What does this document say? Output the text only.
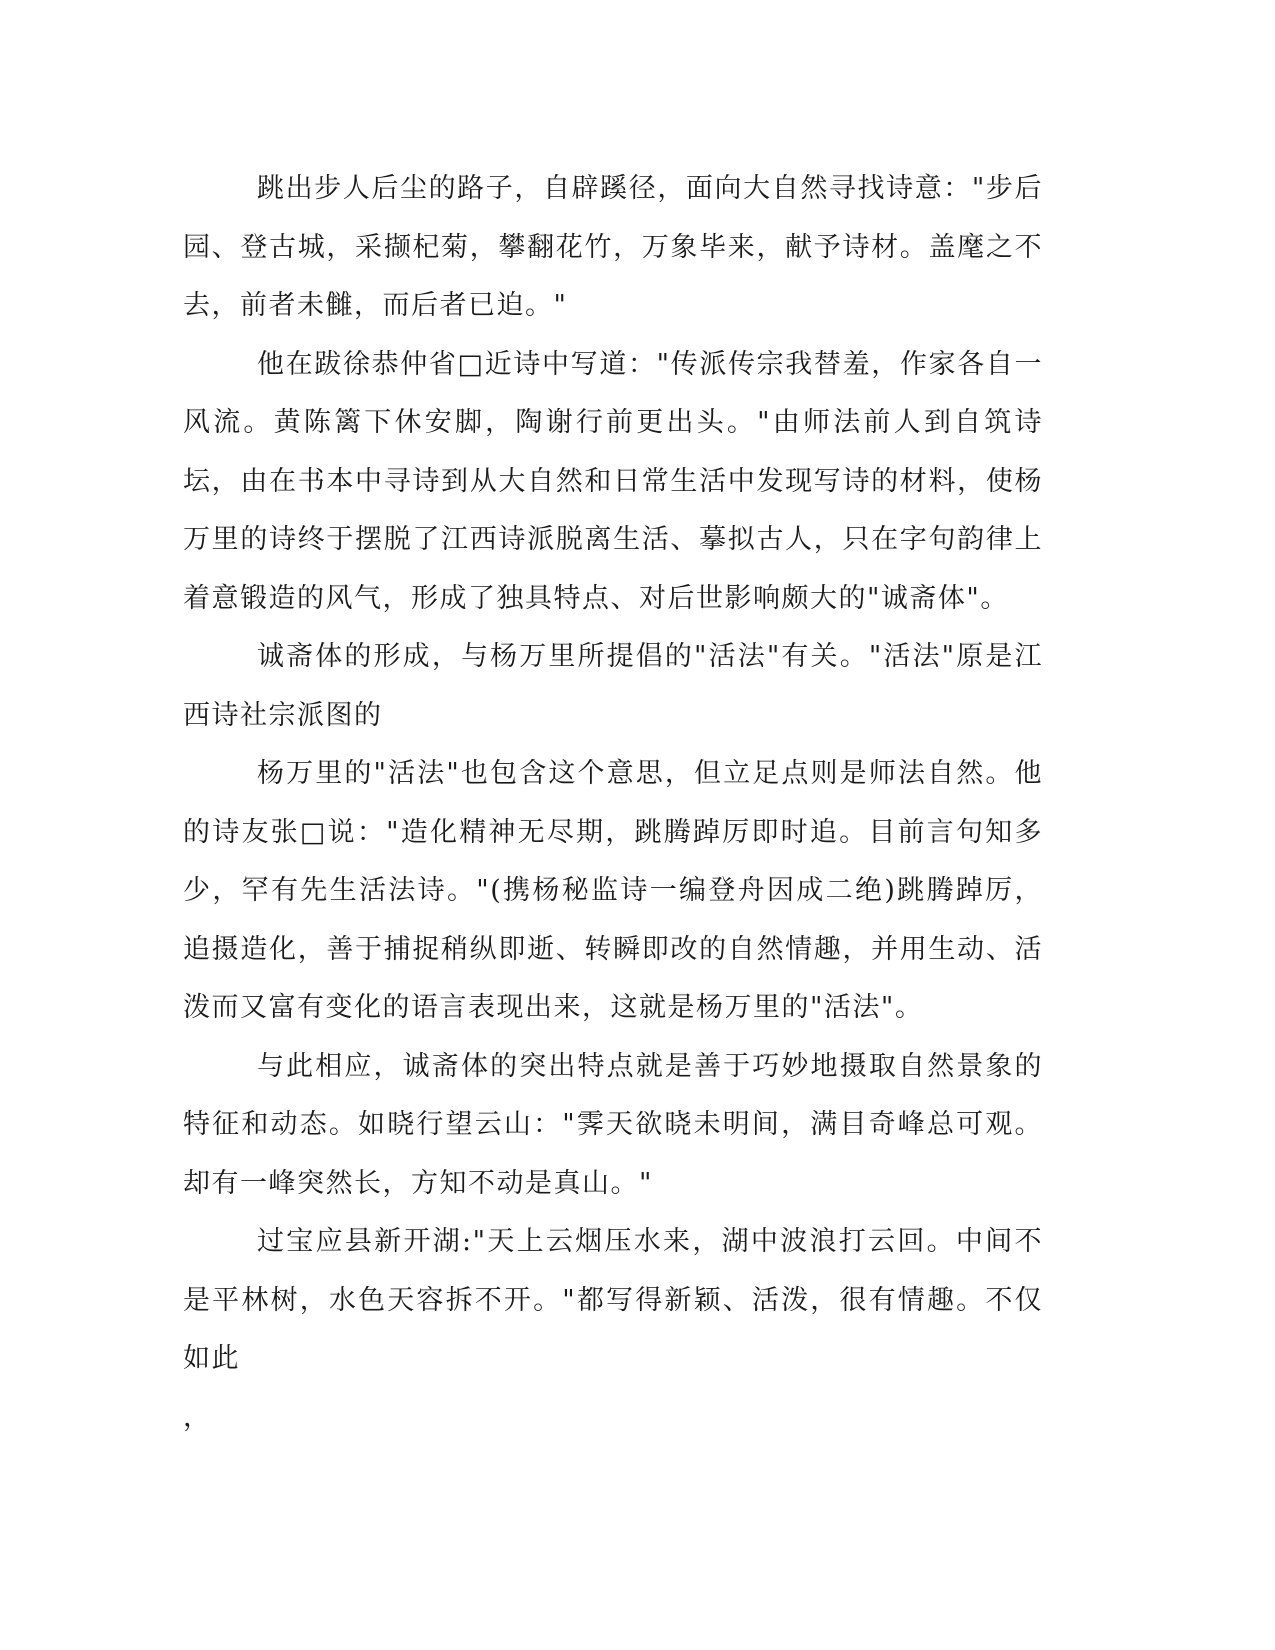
跳出步人后尘的路子，自辟蹊径，面向大自然寻找诗意："步后园、登古城，采撷杞菊，攀翻花竹，万象毕来，献予诗材。盖麾之不去，前者未雠，而后者已迫。"

他在跋徐恭仲省□近诗中写道："传派传宗我替羞，作家各自一风流。黄陈篱下休安脚，陶谢行前更出头。"由师法前人到自筑诗坛，由在书本中寻诗到从大自然和日常生活中发现写诗的材料，使杨万里的诗终于摆脱了江西诗派脱离生活、摹拟古人，只在字句韵律上着意锻造的风气，形成了独具特点、对后世影响颇大的"诚斋体"。

诚斋体的形成，与杨万里所提倡的"活法"有关。"活法"原是江西诗社宗派图的

杨万里的"活法"也包含这个意思，但立足点则是师法自然。他的诗友张□说："造化精神无尽期，跳腾踔厉即时追。目前言句知多少，罕有先生活法诗。"(携杨秘监诗一编登舟因成二绝)跳腾踔厉，追摄造化，善于捕捉稍纵即逝、转瞬即改的自然情趣，并用生动、活泼而又富有变化的语言表现出来，这就是杨万里的"活法"。

与此相应，诚斋体的突出特点就是善于巧妙地摄取自然景象的特征和动态。如晓行望云山："霁天欲晓未明间，满目奇峰总可观。却有一峰突然长，方知不动是真山。"

过宝应县新开湖:"天上云烟压水来，湖中波浪打云回。中间不是平林树，水色天容拆不开。"都写得新颖、活泼，很有情趣。不仅如此

，
